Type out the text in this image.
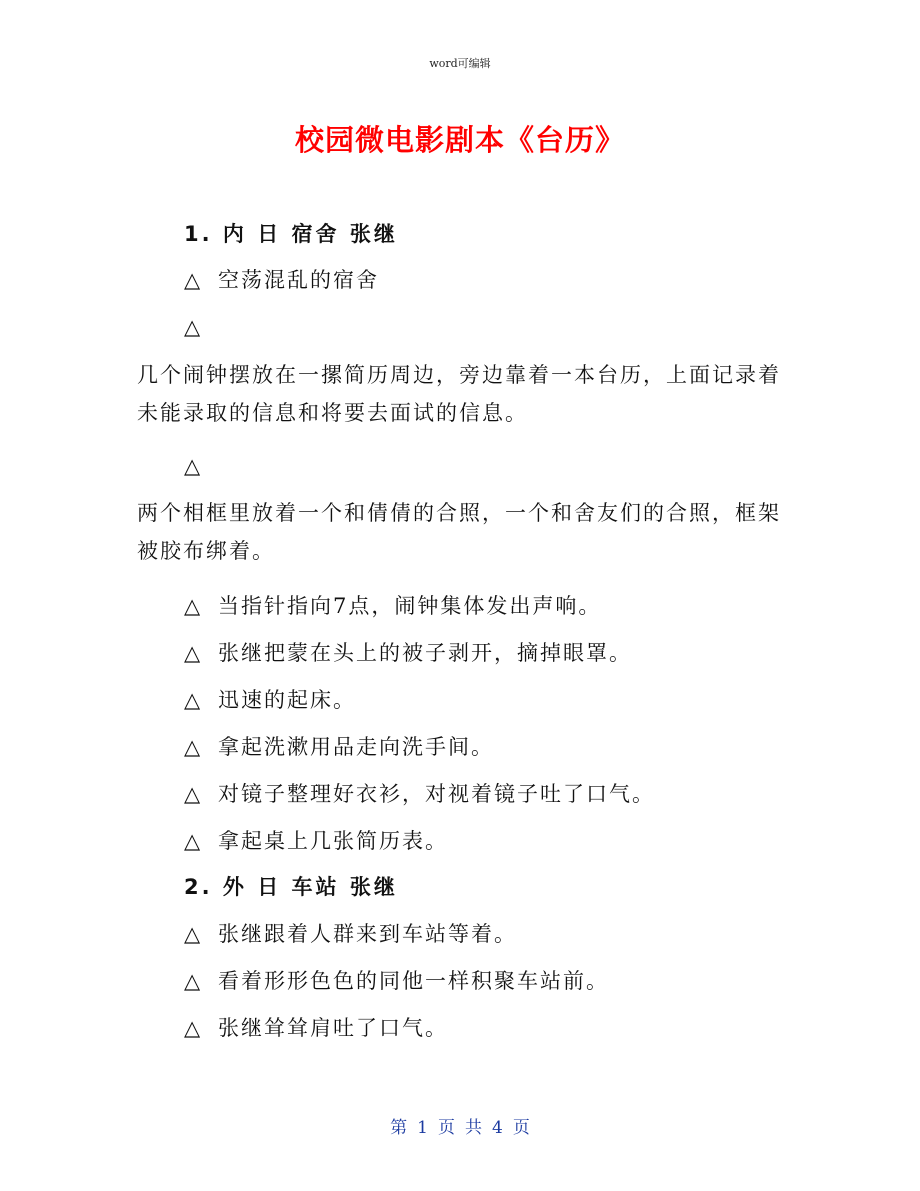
word可编辑
校园微电影剧本《台历》
1. 内 日 宿舍 张继
△ 空荡混乱的宿舍
△
几个闹钟摆放在一摞简历周边，旁边靠着一本台历，上面记录着未能录取的信息和将要去面试的信息。
△
两个相框里放着一个和倩倩的合照，一个和舍友们的合照，框架被胶布绑着。
△ 当指针指向7点，闹钟集体发出声响。
△ 张继把蒙在头上的被子剥开，摘掉眼罩。
△ 迅速的起床。
△ 拿起洗漱用品走向洗手间。
△ 对镜子整理好衣衫，对视着镜子吐了口气。
△ 拿起桌上几张简历表。
2. 外 日 车站 张继
△ 张继跟着人群来到车站等着。
△ 看着形形色色的同他一样积聚车站前。
△ 张继耸耸肩吐了口气。
第 1 页 共 4 页
